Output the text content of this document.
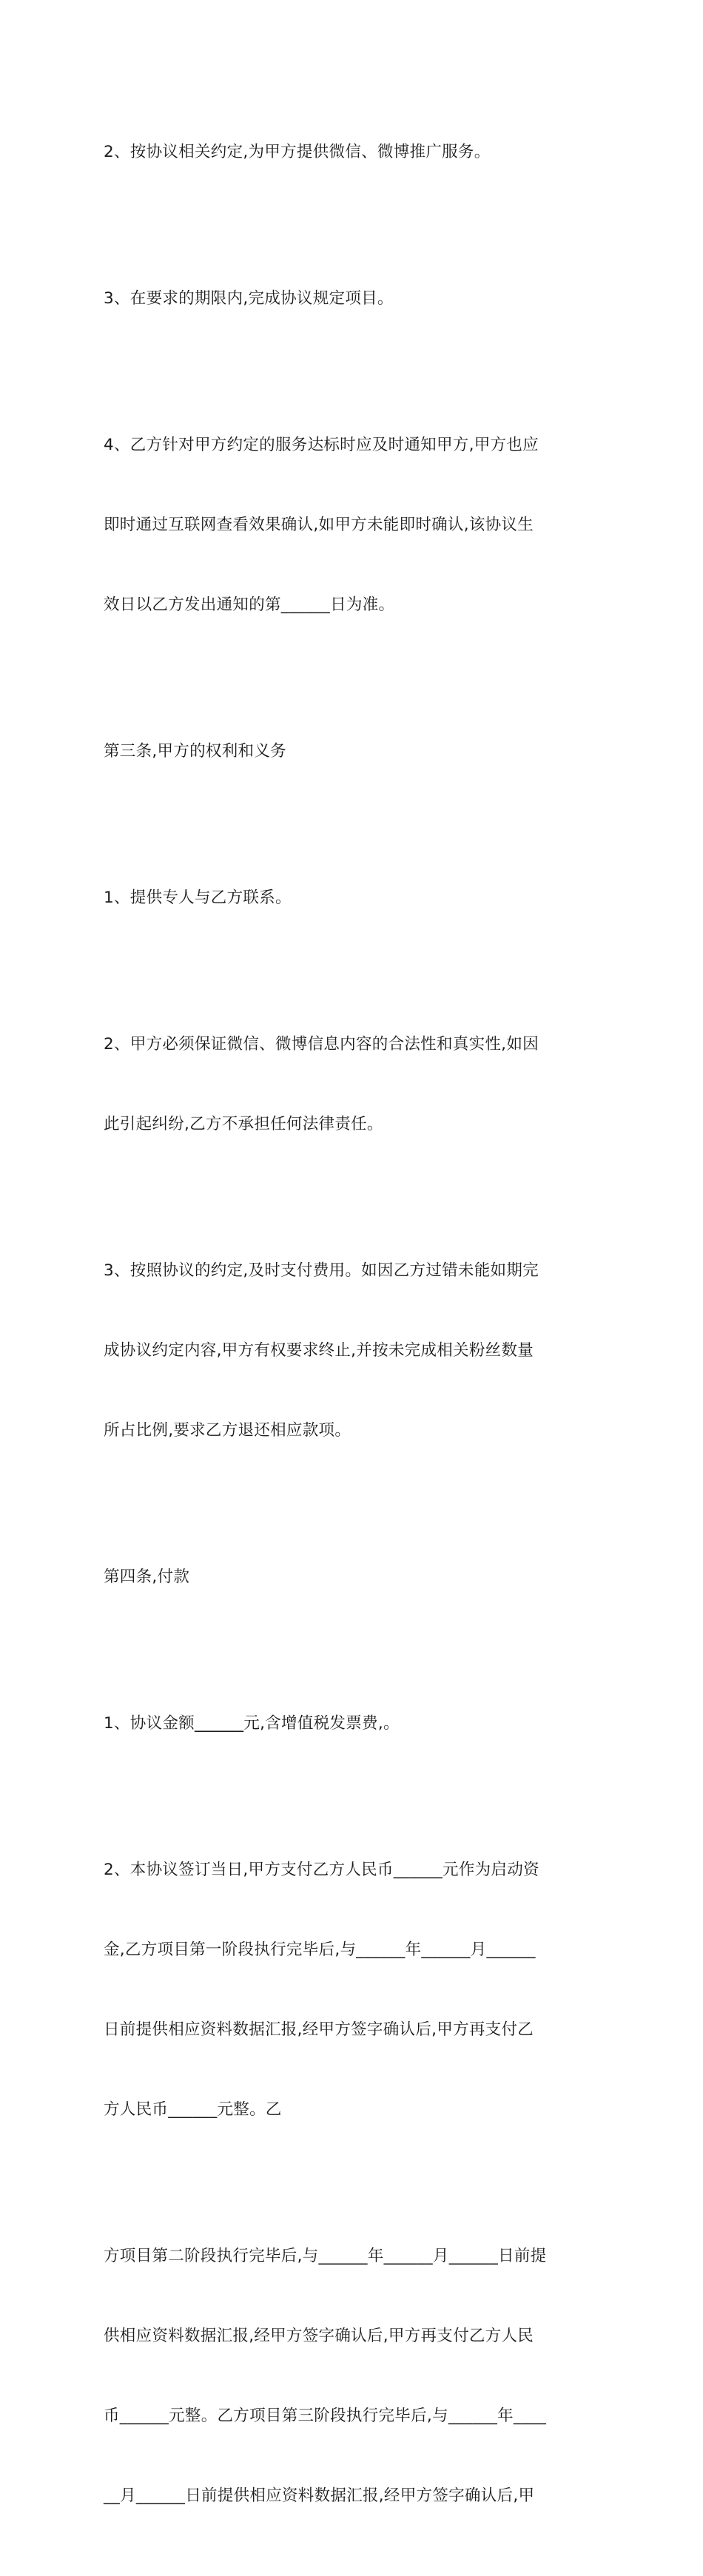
2、按协议相关约定,为甲方提供微信、微博推广服务。

3、在要求的期限内,完成协议规定项目。

4、乙方针对甲方约定的服务达标时应及时通知甲方,甲方也应

即时通过互联网查看效果确认,如甲方未能即时确认,该协议生

效日以乙方发出通知的第______日为准。

第三条,甲方的权利和义务

1、提供专人与乙方联系。

2、甲方必须保证微信、微博信息内容的合法性和真实性,如因

此引起纠纷,乙方不承担任何法律责任。

3、按照协议的约定,及时支付费用。如因乙方过错未能如期完

成协议约定内容,甲方有权要求终止,并按未完成相关粉丝数量

所占比例,要求乙方退还相应款项。

第四条,付款

1、协议金额______元,含增值税发票费,。

2、本协议签订当日,甲方支付乙方人民币______元作为启动资

金,乙方项目第一阶段执行完毕后,与______年______月______

日前提供相应资料数据汇报,经甲方签字确认后,甲方再支付乙

方人民币______元整。乙

方项目第二阶段执行完毕后,与______年______月______日前提

供相应资料数据汇报,经甲方签字确认后,甲方再支付乙方人民

币______元整。乙方项目第三阶段执行完毕后,与______年____

__月______日前提供相应资料数据汇报,经甲方签字确认后,甲
